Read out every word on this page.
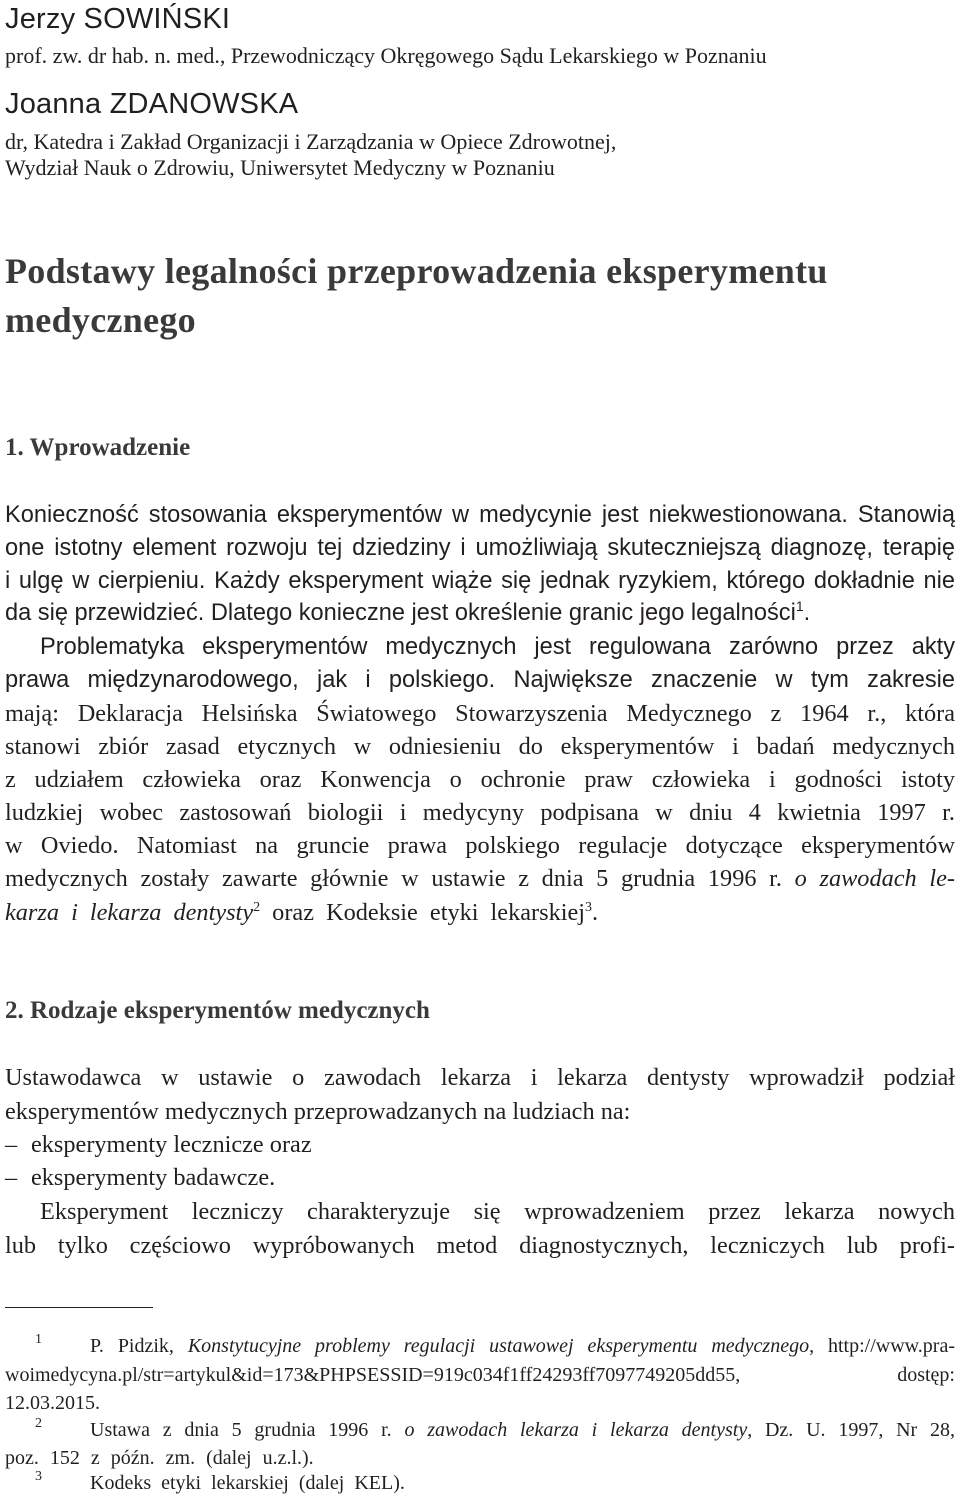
Jerzy SOWIŃSKI
prof. zw. dr hab. n. med., Przewodniczący Okręgowego Sądu Lekarskiego w Poznaniu
Joanna ZDANOWSKA
dr, Katedra i Zakład Organizacji i Zarządzania w Opiece Zdrowotnej,
Wydział Nauk o Zdrowiu, Uniwersytet Medyczny w Poznaniu
Podstawy legalności przeprowadzenia eksperymentu
medycznego
1. Wprowadzenie
Konieczność stosowania eksperymentów w medycynie jest niekwestionowana. Stanowią
one istotny element rozwoju tej dziedziny i umożliwiają skuteczniejszą diagnozę, terapię
i ulgę w cierpieniu. Każdy eksperyment wiąże się jednak ryzykiem, którego dokładnie nie
da się przewidzieć. Dlatego konieczne jest określenie granic jego legalności$^1$.
Problematyka eksperymentów medycznych jest regulowana zarówno przez akty
prawa międzynarodowego, jak i polskiego. Największe znaczenie w tym zakresie
mają: Deklaracja Helsińska Światowego Stowarzyszenia Medycznego z 1964 r., która
stanowi zbiór zasad etycznych w odniesieniu do eksperymentów i badań medycznych
z udziałem człowieka oraz Konwencja o ochronie praw człowieka i godności istoty
ludzkiej wobec zastosowań biologii i medycyny podpisana w dniu 4 kwietnia 1997 r.
w Oviedo. Natomiast na gruncie prawa polskiego regulacje dotyczące eksperymentów
medycznych zostały zawarte głównie w ustawie z dnia 5 grudnia 1996 r. o zawodach le-
karza i lekarza dentysty$^2$ oraz Kodeksie etyki lekarskiej$^3$.
2. Rodzaje eksperymentów medycznych
Ustawodawca w ustawie o zawodach lekarza i lekarza dentysty wprowadził podział
eksperymentów medycznych przeprowadzanych na ludziach na:
– eksperymenty lecznicze oraz
– eksperymenty badawcze.
Eksperyment leczniczy charakteryzuje się wprowadzeniem przez lekarza nowych
lub tylko częściowo wypróbowanych metod diagnostycznych, leczniczych lub profi-
1 P. Pidzik, Konstytucyjne problemy regulacji ustawowej eksperymentu medycznego, http://www.pra-
woimedycyna.pl/str=artykul&id=173&PHPSESSID=919c034f1ff24293ff7097749205dd55, dostęp:
12.03.2015.
2 Ustawa z dnia 5 grudnia 1996 r. o zawodach lekarza i lekarza dentysty, Dz. U. 1997, Nr 28,
poz. 152 z późn. zm. (dalej u.z.l.).
3 Kodeks etyki lekarskiej (dalej KEL).
